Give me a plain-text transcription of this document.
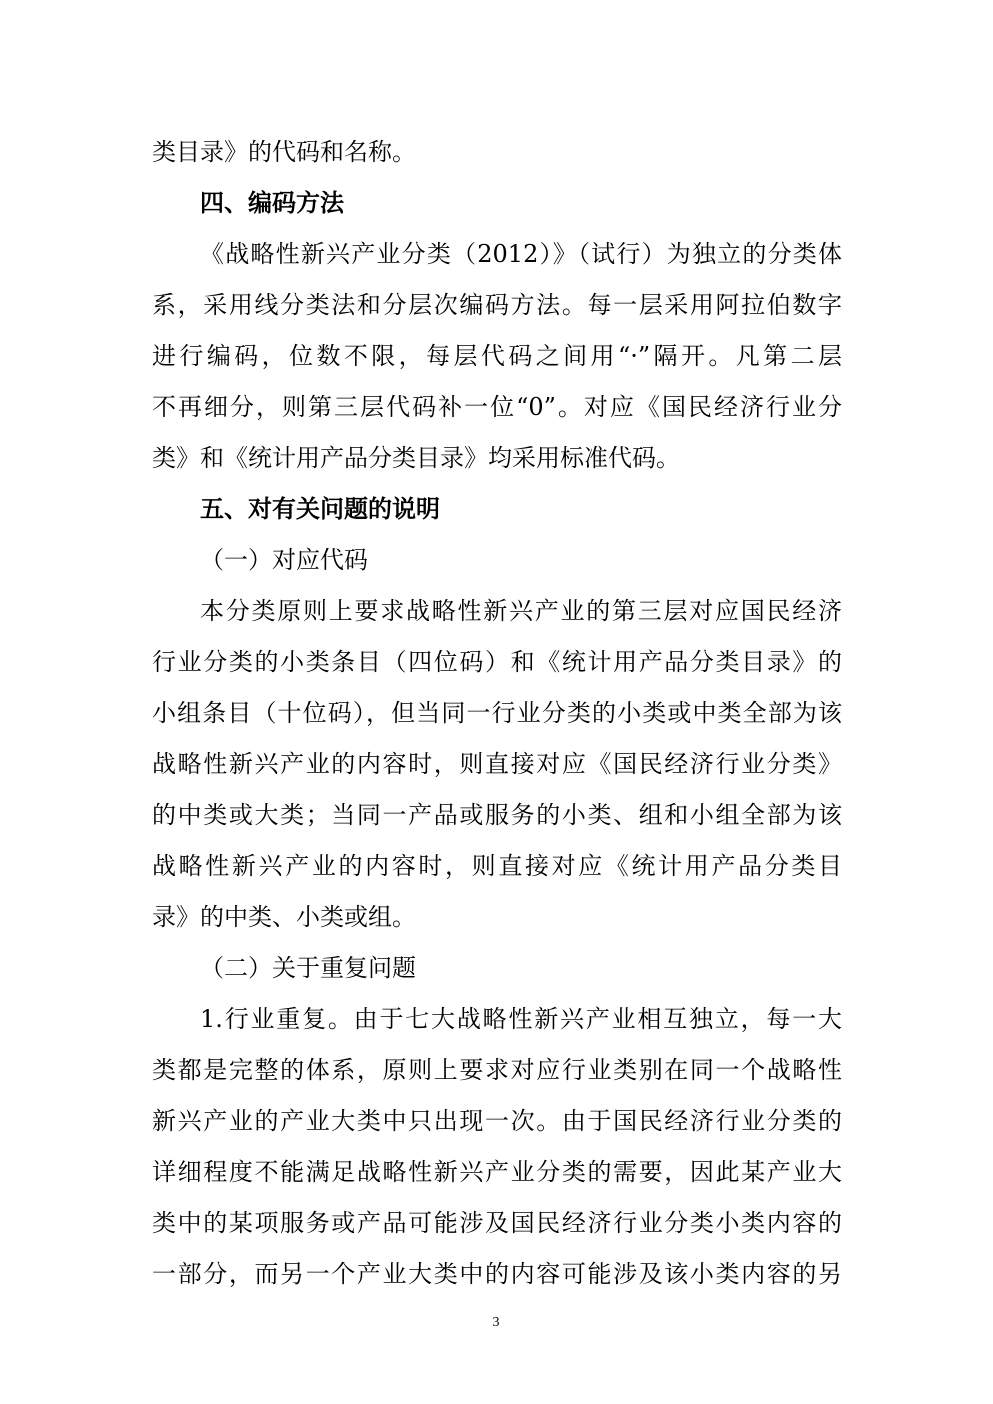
类目录》的代码和名称。
四、编码方法
《战略性新兴产业分类（2012）》（试行）为独立的分类体
系，采用线分类法和分层次编码方法。每一层采用阿拉伯数字
进行编码，位数不限，每层代码之间用“·”隔开。凡第二层
不再细分，则第三层代码补一位“0”。对应《国民经济行业分
类》和《统计用产品分类目录》均采用标准代码。
五、对有关问题的说明
（一）对应代码
本分类原则上要求战略性新兴产业的第三层对应国民经济
行业分类的小类条目（四位码）和《统计用产品分类目录》的
小组条目（十位码），但当同一行业分类的小类或中类全部为该
战略性新兴产业的内容时，则直接对应《国民经济行业分类》
的中类或大类；当同一产品或服务的小类、组和小组全部为该
战略性新兴产业的内容时，则直接对应《统计用产品分类目
录》的中类、小类或组。
（二）关于重复问题
1.行业重复。由于七大战略性新兴产业相互独立，每一大
类都是完整的体系，原则上要求对应行业类别在同一个战略性
新兴产业的产业大类中只出现一次。由于国民经济行业分类的
详细程度不能满足战略性新兴产业分类的需要，因此某产业大
类中的某项服务或产品可能涉及国民经济行业分类小类内容的
一部分，而另一个产业大类中的内容可能涉及该小类内容的另
3
